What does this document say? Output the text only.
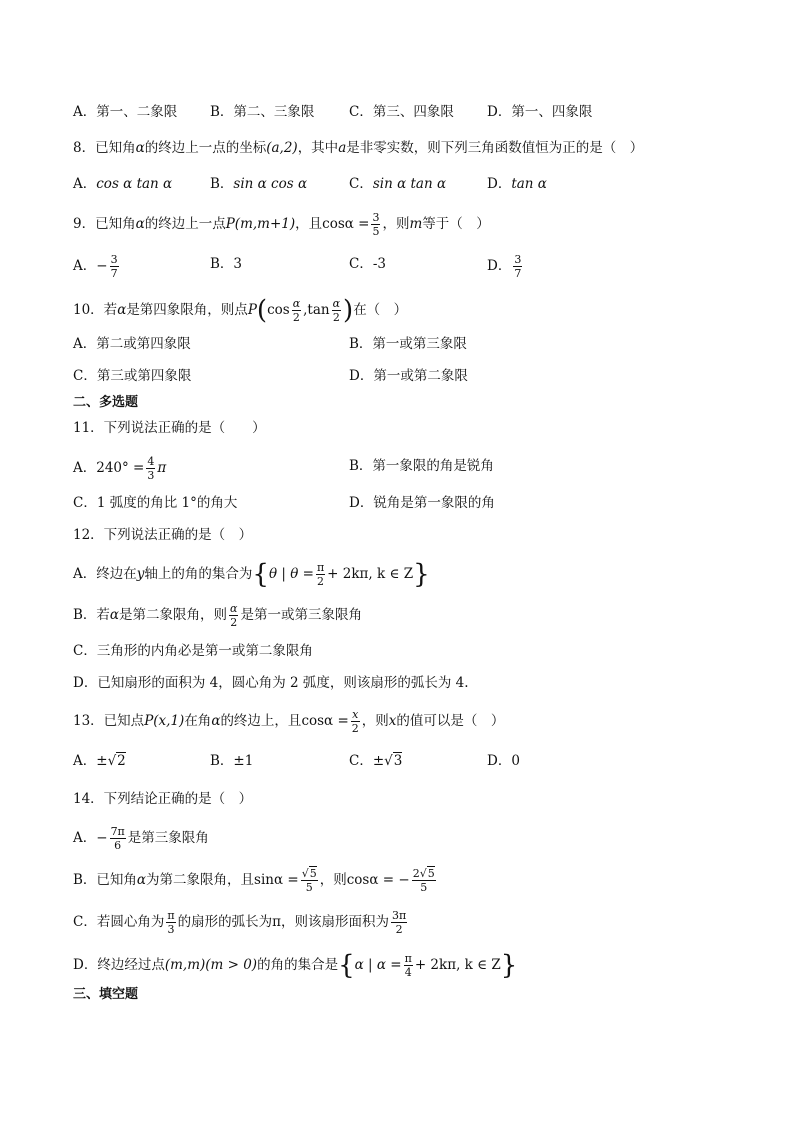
A．第一、二象限 B．第二、三象限	C．第三、四象限 D．第一、四象限
8．已知角α的终边上一点的坐标(a,2)，其中a是非零实数，则下列三角函数值恒为正的是（　）
A．cos α tan α	B．sin α cos α	C．sin α tan α	D．tan α
9．已知角α的终边上一点P(m,m+1)，且$\cos\alpha = \frac{3}{5}$ ，则m等于（　）
A．− $\frac{3}{7}$	B．3	C．-3	D． $\frac{3}{7}$
10．若α是第四象限角，则点$P(\cos \frac{\alpha}{2} ,\tan \frac{\alpha}{2}$ )在（　）
A．第二或第四象限	B．第一或第三象限
C．第三或第四象限	D．第一或第二象限
二、多选题
11．下列说法正确的是（　　）
A．$240^\circ = \frac{4}{3}$ π	B．第一象限的角是锐角
C．1 弧度的角比 1°的角大	D．锐角是第一象限的角
12．下列说法正确的是（　）
A．终边在y轴上的角的集合为{θ | $\theta = \frac{\pi}{2} + 2k\pi$, k ∈ Z}
B．若α是第二象限角，则 $\frac{\alpha}{2}$ 是第一或第三象限角
C．三角形的内角必是第一或第二象限角
D．已知扇形的面积为 4，圆心角为 2 弧度，则该扇形的弧长为 4.
13．已知点P(x,1)在角α的终边上，且$\cos\alpha = \frac{x}{2}$ ，则x的值可以是（　）
A．±√2	B．±1	C．±√3	D．0
14．下列结论正确的是（　）
A．− $\frac{7\pi}{6}$ 是第三象限角
B．已知角α为第二象限角，且$\sin\alpha = \frac{√5}{5}$ ，则cosα = − $\frac{2√5}{5}$
C．若圆心角为 $\frac{\pi}{3}$ 的扇形的弧长为π，则该扇形面积为 $\frac{3\pi}{2}$
D．终边经过点(m,m)(m > 0)的角的集合是{α | $\alpha = \frac{\pi}{4} + 2k\pi$, k ∈ Z}
三、填空题
